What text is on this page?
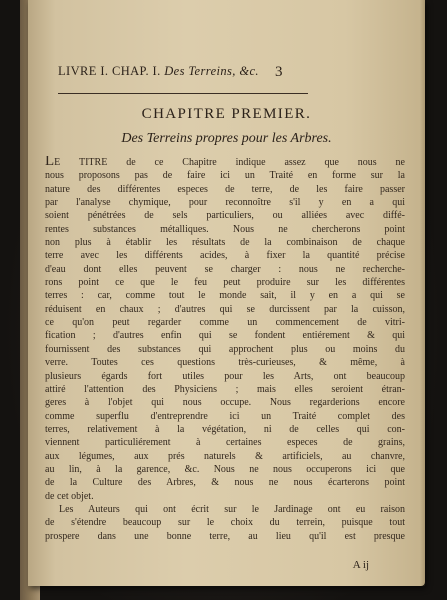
LIVRE I. CHAP. I. Des Terreins, &c.	3
CHAPITRE PREMIER.
Des Terreins propres pour les Arbres.
LE TITRE de ce Chapitre indique assez que nous ne
nous proposons pas de faire ici un Traité en forme sur la
nature des différentes especes de terre, de les faire passer
par l'analyse chymique, pour reconnoître s'il y en a qui
soient pénétrées de sels particuliers, ou alliées avec diffé-
rentes substances métalliques. Nous ne chercherons point
non plus à établir les résultats de la combinaison de chaque
terre avec les différents acides, à fixer la quantité précise
d'eau dont elles peuvent se charger : nous ne recherche-
rons point ce que le feu peut produire sur les différentes
terres : car, comme tout le monde sait, il y en a qui se
réduisent en chaux ; d'autres qui se durcissent par la cuisson,
ce qu'on peut regarder comme un commencement de vitri-
fication ; d'autres enfin qui se fondent entiérement & qui
fournissent des substances qui approchent plus ou moins du
verre. Toutes ces questions très-curieuses, & même, à
plusieurs égards fort utiles pour les Arts, ont beaucoup
attiré l'attention des Physiciens ; mais elles seroient étran-
geres à l'objet qui nous occupe. Nous regarderions encore
comme superflu d'entreprendre ici un Traité complet des
terres, relativement à la végétation, ni de celles qui con-
viennent particuliérement à certaines especes de grains,
aux légumes, aux prés naturels & artificiels, au chanvre,
au lin, à la garence, &c. Nous ne nous occuperons ici que
de la Culture des Arbres, & nous ne nous écarterons point
de cet objet.
Les Auteurs qui ont écrit sur le Jardinage ont eu raison
de s'étendre beaucoup sur le choix du terrein, puisque tout
prospere dans une bonne terre, au lieu qu'il est presque
A ij
